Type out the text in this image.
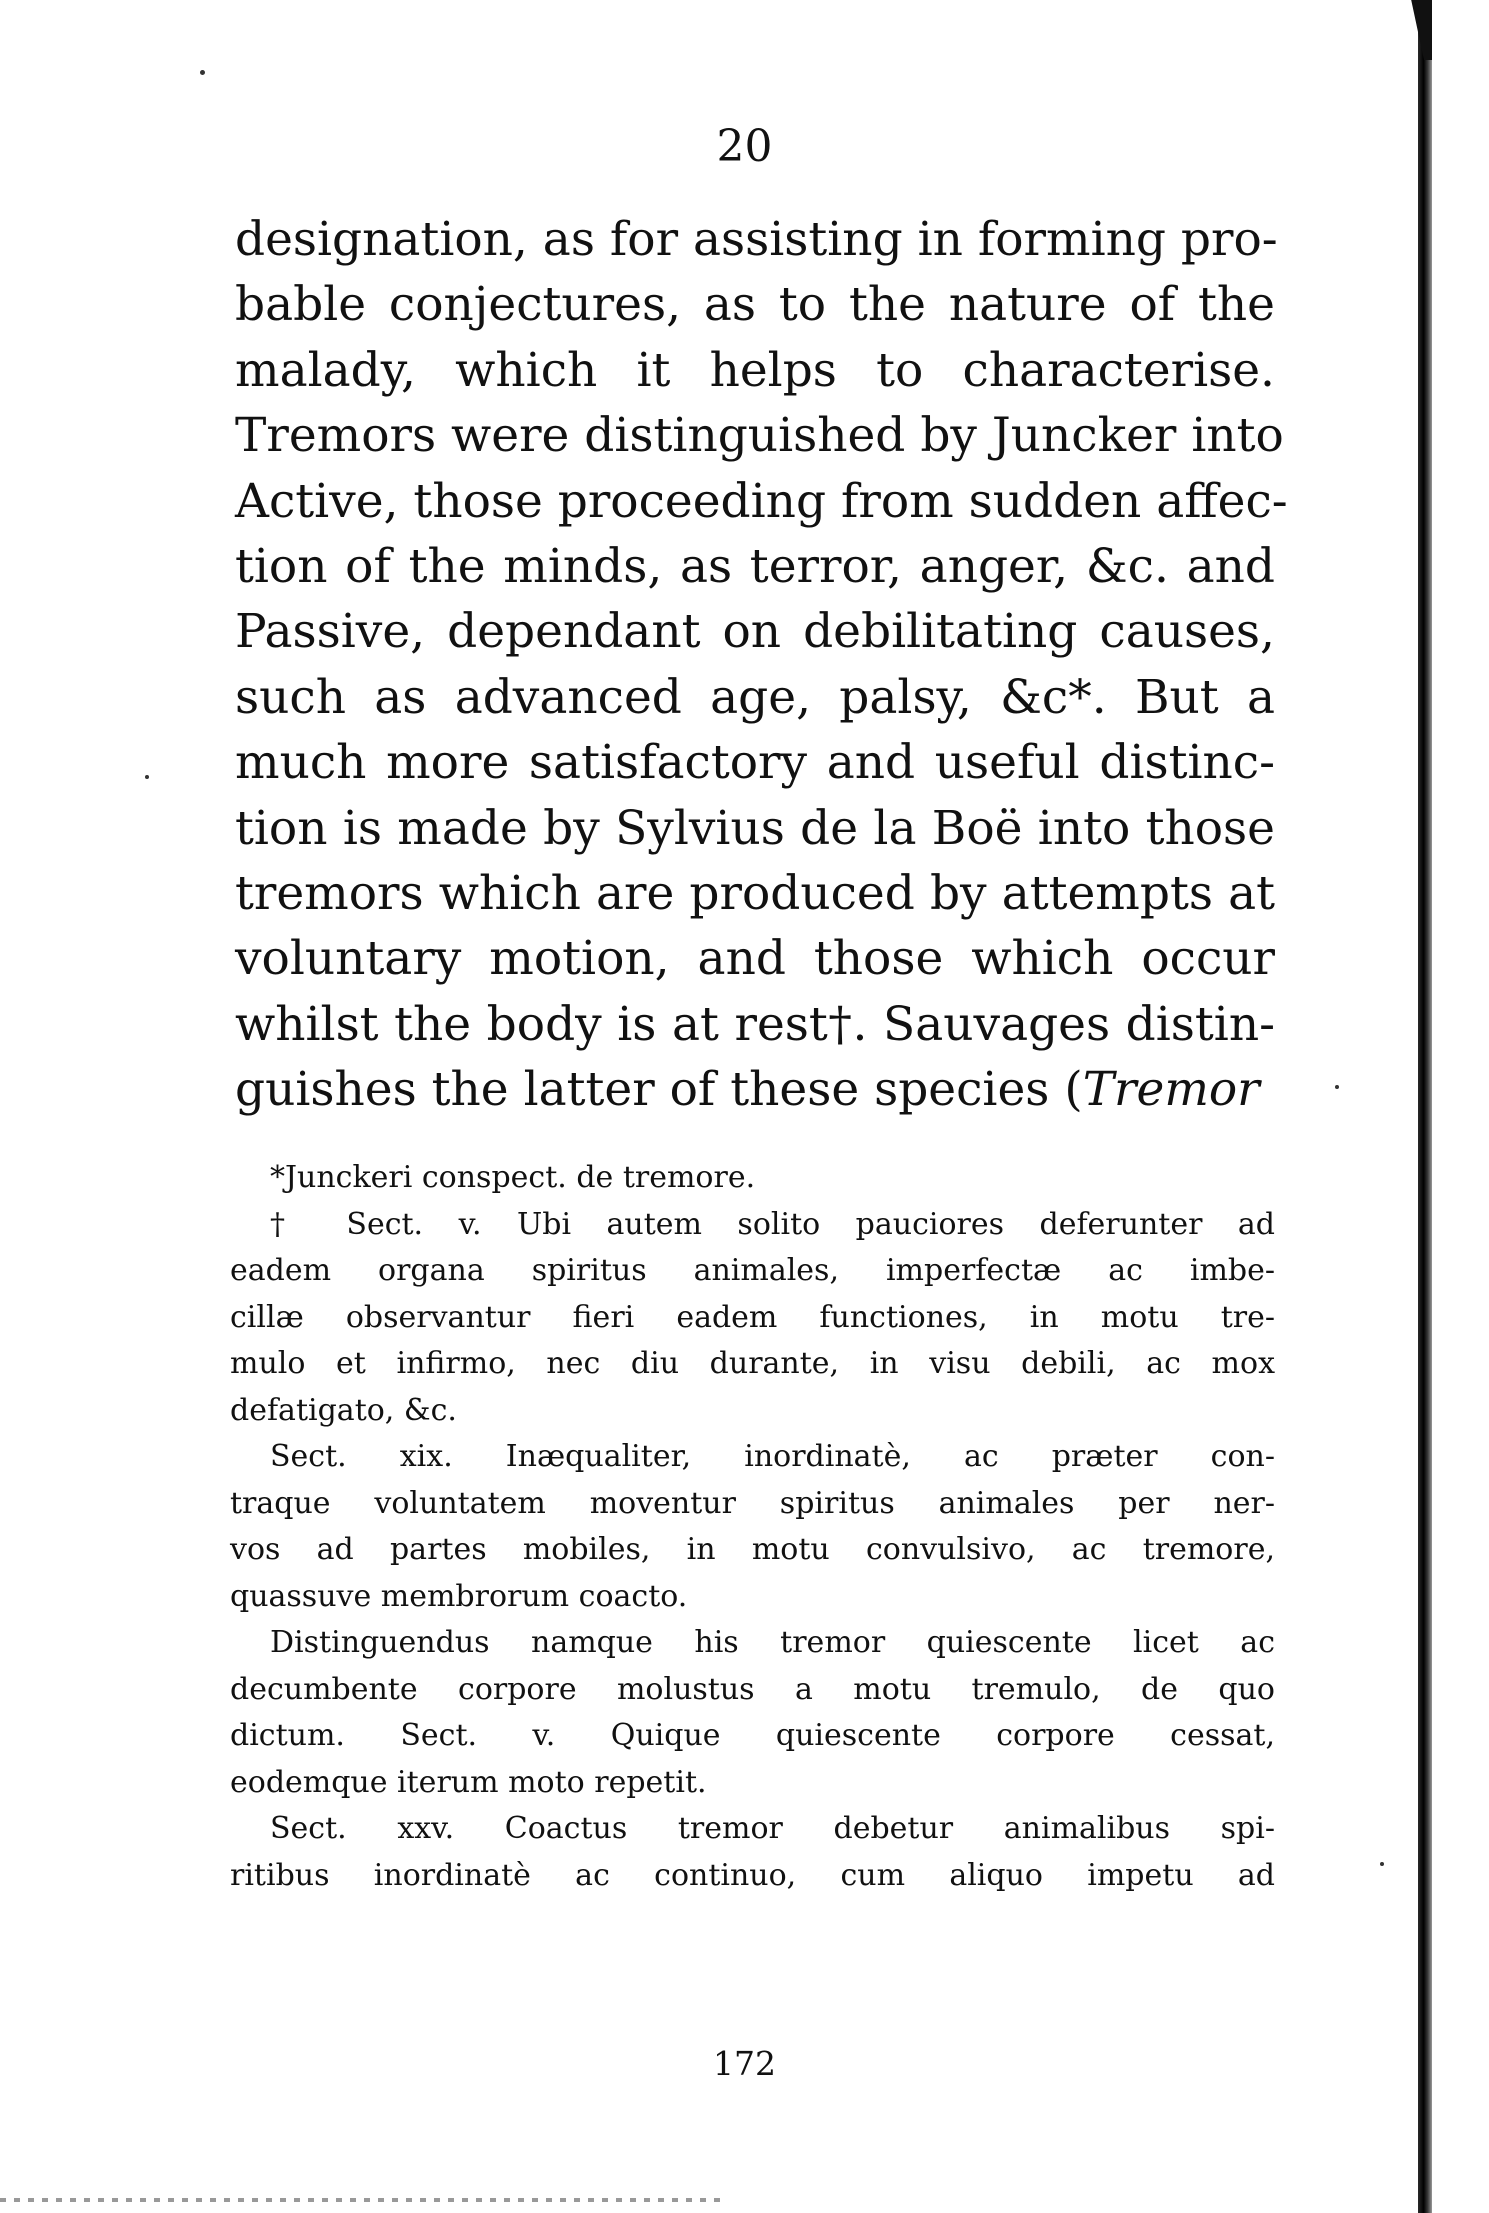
20
designation, as for assisting in forming pro-
bable conjectures, as to the nature of the
malady, which it helps to characterise.
Tremors were distinguished by Juncker into
Active, those proceeding from sudden affec-
tion of the minds, as terror, anger, &c. and
Passive, dependant on debilitating causes,
such as advanced age, palsy, &c*. But a
much more satisfactory and useful distinc-
tion is made by Sylvius de la Boë into those
tremors which are produced by attempts at
voluntary motion, and those which occur
whilst the body is at rest†. Sauvages distin-
guishes the latter of these species (Tremor
*Junckeri conspect. de tremore.
† Sect. v. Ubi autem solito pauciores deferunter ad
eadem organa spiritus animales, imperfectæ ac imbe-
cillæ observantur fieri eadem functiones, in motu tre-
mulo et infirmo, nec diu durante, in visu debili, ac mox
defatigato, &c.
Sect. xix. Inæqualiter, inordinatè, ac præter con-
traque voluntatem moventur spiritus animales per ner-
vos ad partes mobiles, in motu convulsivo, ac tremore,
quassuve membrorum coacto.
Distinguendus namque his tremor quiescente licet ac
decumbente corpore molustus a motu tremulo, de quo
dictum. Sect. v. Quique quiescente corpore cessat,
eodemque iterum moto repetit.
Sect. xxv. Coactus tremor debetur animalibus spi-
ritibus inordinatè ac continuo, cum aliquo impetu ad
172
